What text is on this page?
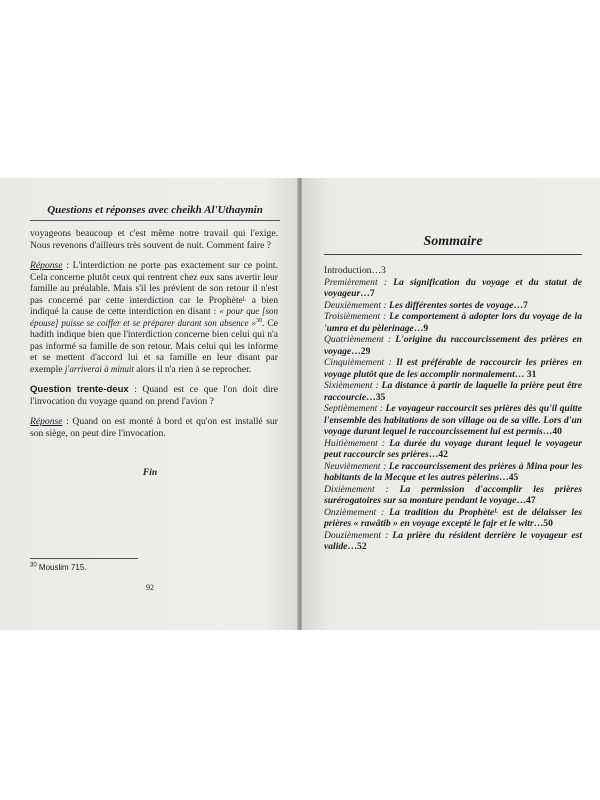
Questions et réponses avec cheikh Al'Uthaymin

voyageons beaucoup et c'est même notre travail qui l'exige. Nous revenons d'ailleurs très souvent de nuit. Comment faire ?

Réponse : L'interdiction ne porte pas exactement sur ce point. Cela concerne plutôt ceux qui rentrent chez eux sans avertir leur famille au préalable. Mais s'il les prévient de son retour il n'est pas concerné par cette interdiction car le Prophèteᴸ a bien indiqué la cause de cette interdiction en disant : « pour que [son épouse] puisse se coiffer et se préparer durant son absence »$^{30}$. Ce hadith indique bien que l'interdiction concerne bien celui qui n'a pas informé sa famille de son retour. Mais celui qui les informe et se mettent d'accord lui et sa famille en leur disant par exemple j'arriverai à minuit alors il n'a rien à se reprocher.

Question trente-deux : Quand est ce que l'on doit dire l'invocation du voyage quand on prend l'avion ?

Réponse : Quand on est monté à bord et qu'on est installé sur son siège, on peut dire l'invocation.

Fin
$^{30}$ Mouslim 715.
92
Sommaire

Introduction…3

Premièrement : La signification du voyage et du statut de voyageur…7

Deuxièmement : Les différentes sortes de voyage…7

Troisièmement : Le comportement à adopter lors du voyage de la 'umra et du pèlerinage…9

Quatrièmement : L'origine du raccourcissement des prières en voyage…29

Cinquièmement : Il est préférable de raccourcir les prières en voyage plutôt que de les accomplir normalement… 31

Sixièmement : La distance à partir de laquelle la prière peut être raccourcie…35

Septièmement : Le voyageur raccourcit ses prières dès qu'il quitte l'ensemble des habitations de son village ou de sa ville. Lors d'un voyage durant lequel le raccourcissement lui est permis…40

Huitièmement : La durée du voyage durant lequel le voyageur peut raccourcir ses prières…42

Neuvièmement : Le raccourcissement des prières à Mina pour les habitants de la Mecque et les autres pèlerins…45

Dixièmement : La permission d'accomplir les prières surérogatoires sur sa monture pendant le voyage…47

Onzièmement : La tradition du Prophèteᴸ est de délaisser les prières « rawâtib » en voyage excepté le fajr et le witr…50

Douzièmement : La prière du résident derrière le voyageur est valide…52
